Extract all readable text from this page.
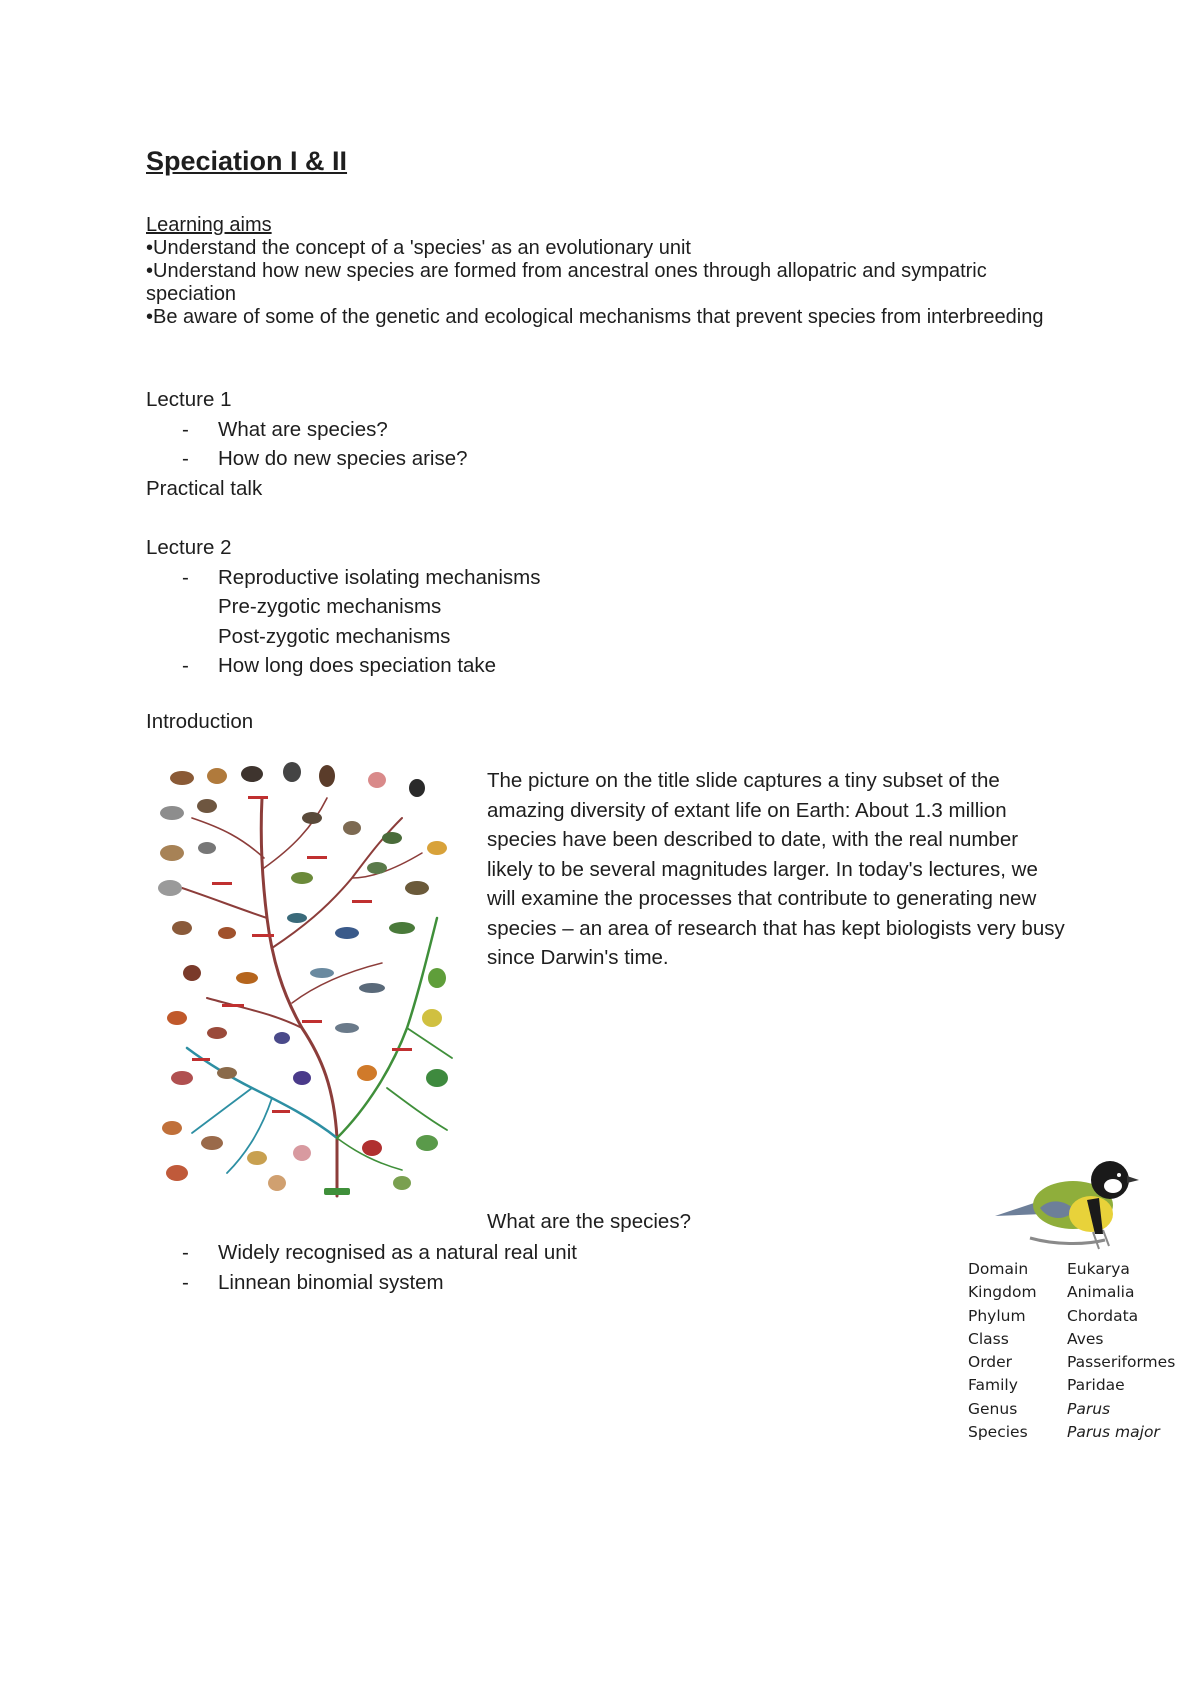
Speciation I & II
Learning aims
•Understand the concept of a 'species' as an evolutionary unit
•Understand how new species are formed from ancestral ones through allopatric and sympatric speciation
•Be aware of some of the genetic and ecological mechanisms that prevent species from interbreeding
Lecture 1
- What are species?
- How do new species arise?
Practical talk
Lecture 2
- Reproductive isolating mechanisms
Pre-zygotic mechanisms
Post-zygotic mechanisms
- How long does speciation take
Introduction

The picture on the title slide captures a tiny subset of the amazing diversity of extant life on Earth: About 1.3 million species have been described to date, with the real number likely to be several magnitudes larger. In today's lectures, we will examine the processes that contribute to generating new species – an area of research that has kept biologists very busy since Darwin's time.

What are the species?
- Widely recognised as a natural real unit
- Linnean binomial system
Domain	Eukarya
Kingdom	Animalia
Phylum	Chordata
Class	Aves
Order	Passeriformes
Family	Paridae
Genus	Parus
Species	Parus major
